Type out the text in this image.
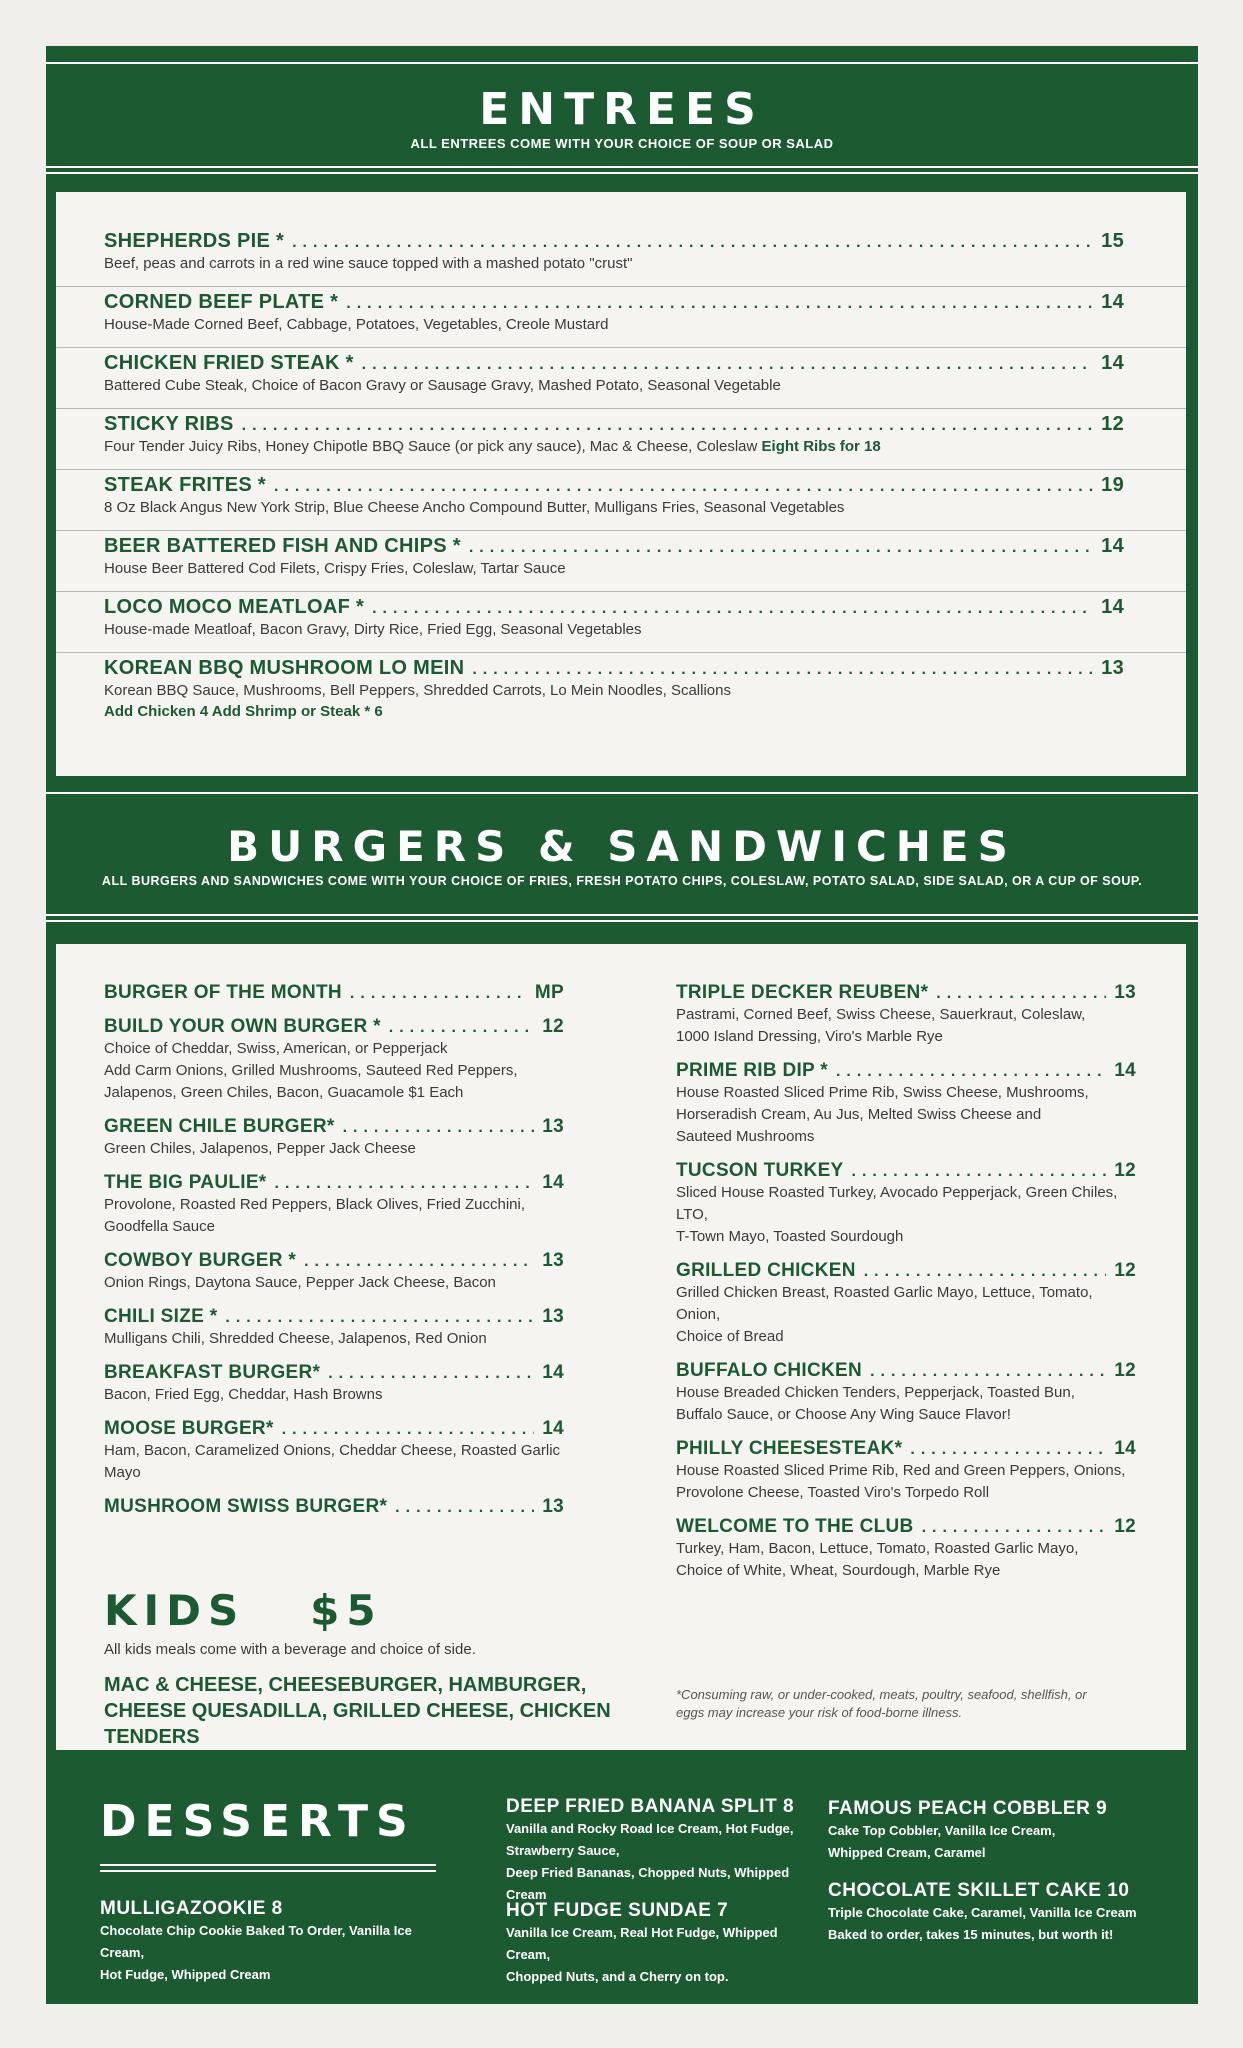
ENTREES
ALL ENTREES COME WITH YOUR CHOICE OF SOUP OR SALAD
SHEPHERDS PIE * .....	15
Beef, peas and carrots in a red wine sauce topped with a mashed potato "crust"
CORNED BEEF PLATE * .....	14
House-Made Corned Beef, Cabbage, Potatoes, Vegetables, Creole Mustard
CHICKEN FRIED STEAK * .....	14
Battered Cube Steak, Choice of Bacon Gravy or Sausage Gravy, Mashed Potato, Seasonal Vegetable
STICKY RIBS .....	12
Four Tender Juicy Ribs, Honey Chipotle BBQ Sauce (or pick any sauce), Mac & Cheese, Coleslaw Eight Ribs for 18
STEAK FRITES * .....	19
8 Oz Black Angus New York Strip, Blue Cheese Ancho Compound Butter, Mulligans Fries, Seasonal Vegetables
BEER BATTERED FISH AND CHIPS * .....	14
House Beer Battered Cod Filets, Crispy Fries, Coleslaw, Tartar Sauce
LOCO MOCO MEATLOAF * .....	14
House-made Meatloaf, Bacon Gravy, Dirty Rice, Fried Egg, Seasonal Vegetables
KOREAN BBQ MUSHROOM LO MEIN .....	13
Korean BBQ Sauce, Mushrooms, Bell Peppers, Shredded Carrots, Lo Mein Noodles, Scallions
Add Chicken 4 Add Shrimp or Steak * 6
BURGERS & SANDWICHES
ALL BURGERS AND SANDWICHES COME WITH YOUR CHOICE OF FRIES, FRESH POTATO CHIPS, COLESLAW, POTATO SALAD, SIDE SALAD, OR A CUP OF SOUP.
BURGER OF THE MONTH .....	MP
BUILD YOUR OWN BURGER * .....	12
Choice of Cheddar, Swiss, American, or Pepperjack
Add Carm Onions, Grilled Mushrooms, Sauteed Red Peppers,
Jalapenos, Green Chiles, Bacon, Guacamole $1 Each
GREEN CHILE BURGER* .....	13
Green Chiles, Jalapenos, Pepper Jack Cheese
THE BIG PAULIE* .....	14
Provolone, Roasted Red Peppers, Black Olives, Fried Zucchini,
Goodfella Sauce
COWBOY BURGER * .....	13
Onion Rings, Daytona Sauce, Pepper Jack Cheese, Bacon
CHILI SIZE * .....	13
Mulligans Chili, Shredded Cheese, Jalapenos, Red Onion
BREAKFAST BURGER* .....	14
Bacon, Fried Egg, Cheddar, Hash Browns
MOOSE BURGER* .....	14
Ham, Bacon, Caramelized Onions, Cheddar Cheese, Roasted Garlic Mayo
MUSHROOM SWISS BURGER* .....	13
TRIPLE DECKER REUBEN* .....	13
Pastrami, Corned Beef, Swiss Cheese, Sauerkraut, Coleslaw,
1000 Island Dressing, Viro's Marble Rye
PRIME RIB DIP * .....	14
House Roasted Sliced Prime Rib, Swiss Cheese, Mushrooms,
Horseradish Cream, Au Jus, Melted Swiss Cheese and
Sauteed Mushrooms
TUCSON TURKEY .....	12
Sliced House Roasted Turkey, Avocado Pepperjack, Green Chiles, LTO,
T-Town Mayo, Toasted Sourdough
GRILLED CHICKEN .....	12
Grilled Chicken Breast, Roasted Garlic Mayo, Lettuce, Tomato, Onion,
Choice of Bread
BUFFALO CHICKEN .....	12
House Breaded Chicken Tenders, Pepperjack, Toasted Bun,
Buffalo Sauce, or Choose Any Wing Sauce Flavor!
PHILLY CHEESESTEAK* .....	14
House Roasted Sliced Prime Rib, Red and Green Peppers, Onions,
Provolone Cheese, Toasted Viro's Torpedo Roll
WELCOME TO THE CLUB .....	12
Turkey, Ham, Bacon, Lettuce, Tomato, Roasted Garlic Mayo,
Choice of White, Wheat, Sourdough, Marble Rye
KIDS   $5
All kids meals come with a beverage and choice of side.
MAC & CHEESE, CHEESEBURGER, HAMBURGER,
CHEESE QUESADILLA, GRILLED CHEESE, CHICKEN TENDERS
*Consuming raw, or under-cooked, meats, poultry, seafood, shellfish, or eggs may increase your risk of food-borne illness.
DESSERTS
MULLIGAZOOKIE 8
Chocolate Chip Cookie Baked To Order, Vanilla Ice Cream,
Hot Fudge, Whipped Cream
DEEP FRIED BANANA SPLIT 8
Vanilla and Rocky Road Ice Cream, Hot Fudge,
Strawberry Sauce,
Deep Fried Bananas, Chopped Nuts, Whipped Cream
HOT FUDGE SUNDAE 7
Vanilla Ice Cream, Real Hot Fudge, Whipped Cream,
Chopped Nuts, and a Cherry on top.
FAMOUS PEACH COBBLER 9
Cake Top Cobbler, Vanilla Ice Cream,
Whipped Cream, Caramel
CHOCOLATE SKILLET CAKE 10
Triple Chocolate Cake, Caramel, Vanilla Ice Cream
Baked to order, takes 15 minutes, but worth it!
